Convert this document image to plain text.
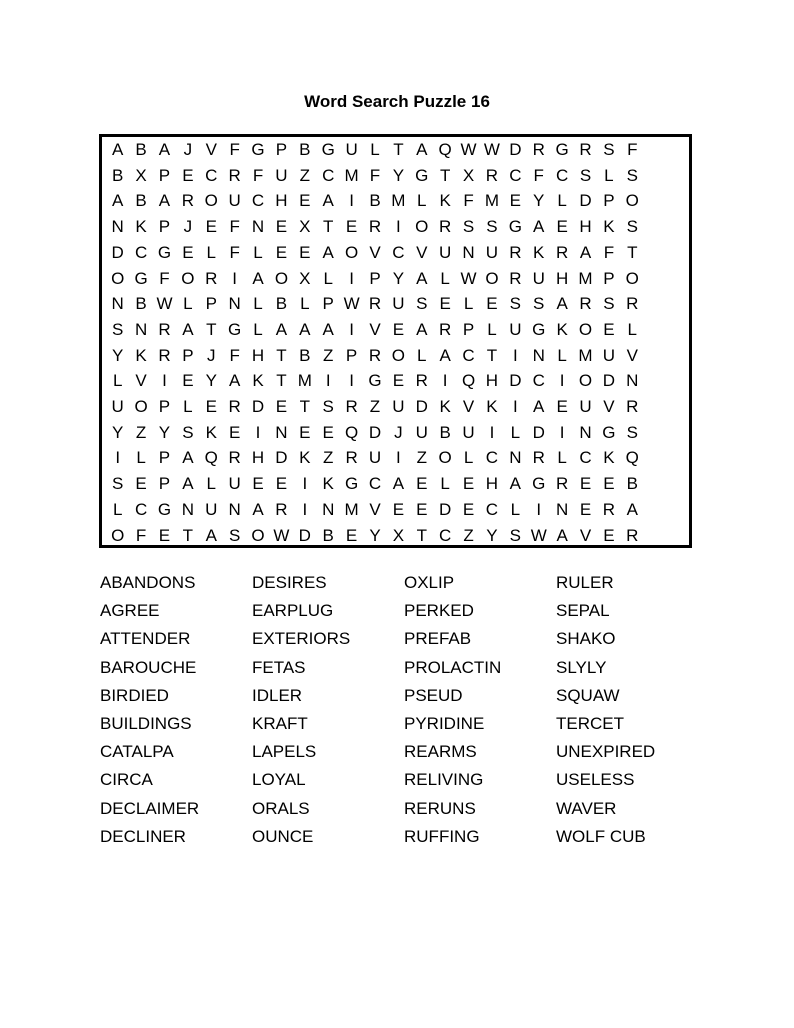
Word Search Puzzle 16
A B A J V F G P B G U L T A Q W W D R G R S F
B X P E C R F U Z C M F Y G T X R C F C S L S
A B A R O U C H E A I B M L K F M E Y L D P O
N K P J E F N E X T E R I O R S S G A E H K S
D C G E L F L E E A O V C V U N U R K R A F T
O G F O R I A O X L I P Y A L W O R U H M P O
N B W L P N L B L P W R U S E L E S S A R S R
S N R A T G L A A A I V E A R P L U G K O E L
Y K R P J F H T B Z P R O L A C T I N L M U V
L V I E Y A K T M I	I G E R I Q H D C I O D N
U O P L E R D E T S R Z U D K V K I A E U V R
Y Z Y S K E I N E E Q D J U B U I L D I N G S
I L P A Q R H D K Z R U I Z O L C N R L C K Q
S E P A L U E E I K G C A E L E H A G R E E B
L C G N U N A R I N M V E E D E C L I N E R A
O F E T A S O W D B E Y X T C Z Y S W A V E R
ABANDONS
AGREE
ATTENDER
BAROUCHE
BIRDIED
BUILDINGS
CATALPA
CIRCA
DECLAIMER
DECLINER
DESIRES
EARPLUG
EXTERIORS
FETAS
IDLER
KRAFT
LAPELS
LOYAL
ORALS
OUNCE
OXLIP
PERKED
PREFAB
PROLACTIN
PSEUD
PYRIDINE
REARMS
RELIVING
RERUNS
RUFFING
RULER
SEPAL
SHAKO
SLYLY
SQUAW
TERCET
UNEXPIRED
USELESS
WAVER
WOLF CUB
